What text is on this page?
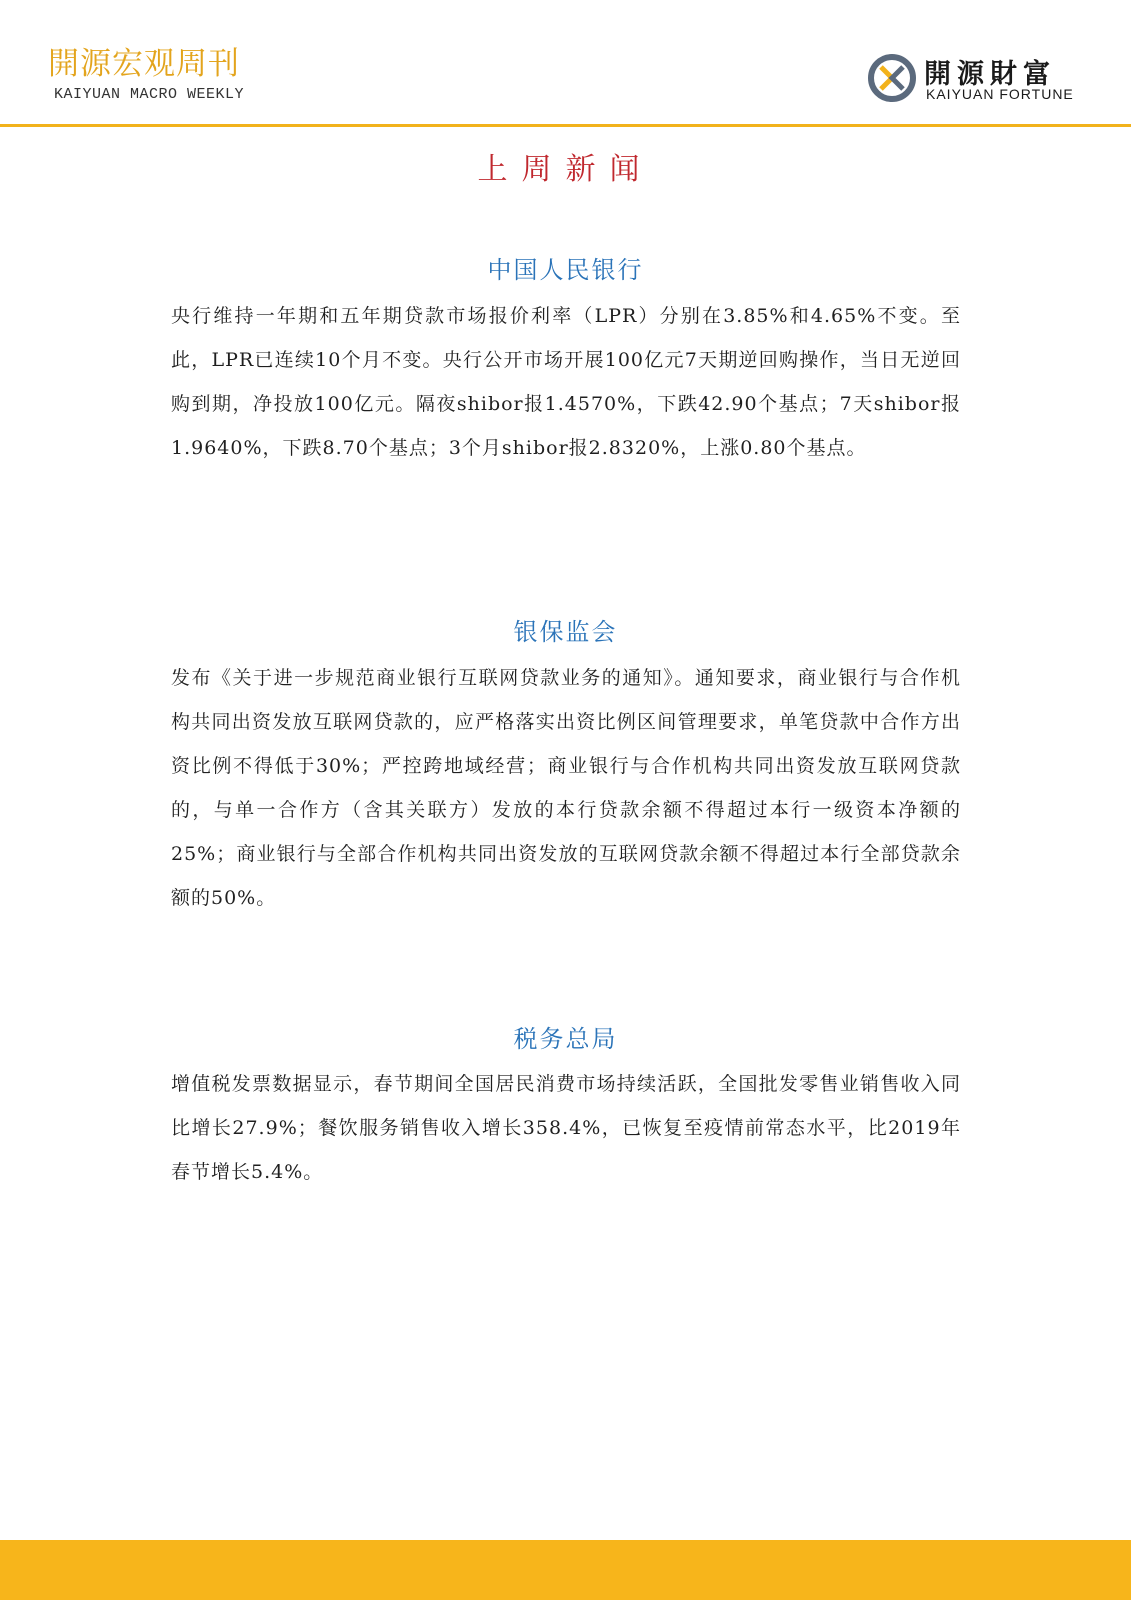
開源宏观周刊
KAIYUAN MACRO WEEKLY
開源財富
KAIYUAN FORTUNE
上周新闻
中国人民银行

央行维持一年期和五年期贷款市场报价利率（LPR）分别在3.85%和4.65%不变。至此，LPR已连续10个月不变。央行公开市场开展100亿元7天期逆回购操作，当日无逆回购到期，净投放100亿元。隔夜shibor报1.4570%，下跌42.90个基点；7天shibor报1.9640%，下跌8.70个基点；3个月shibor报2.8320%，上涨0.80个基点。

银保监会

发布《关于进一步规范商业银行互联网贷款业务的通知》。通知要求，商业银行与合作机构共同出资发放互联网贷款的，应严格落实出资比例区间管理要求，单笔贷款中合作方出资比例不得低于30%；严控跨地域经营；商业银行与合作机构共同出资发放互联网贷款的，与单一合作方（含其关联方）发放的本行贷款余额不得超过本行一级资本净额的25%；商业银行与全部合作机构共同出资发放的互联网贷款余额不得超过本行全部贷款余额的50%。

税务总局

增值税发票数据显示，春节期间全国居民消费市场持续活跃，全国批发零售业销售收入同比增长27.9%；餐饮服务销售收入增长358.4%，已恢复至疫情前常态水平，比2019年春节增长5.4%。
